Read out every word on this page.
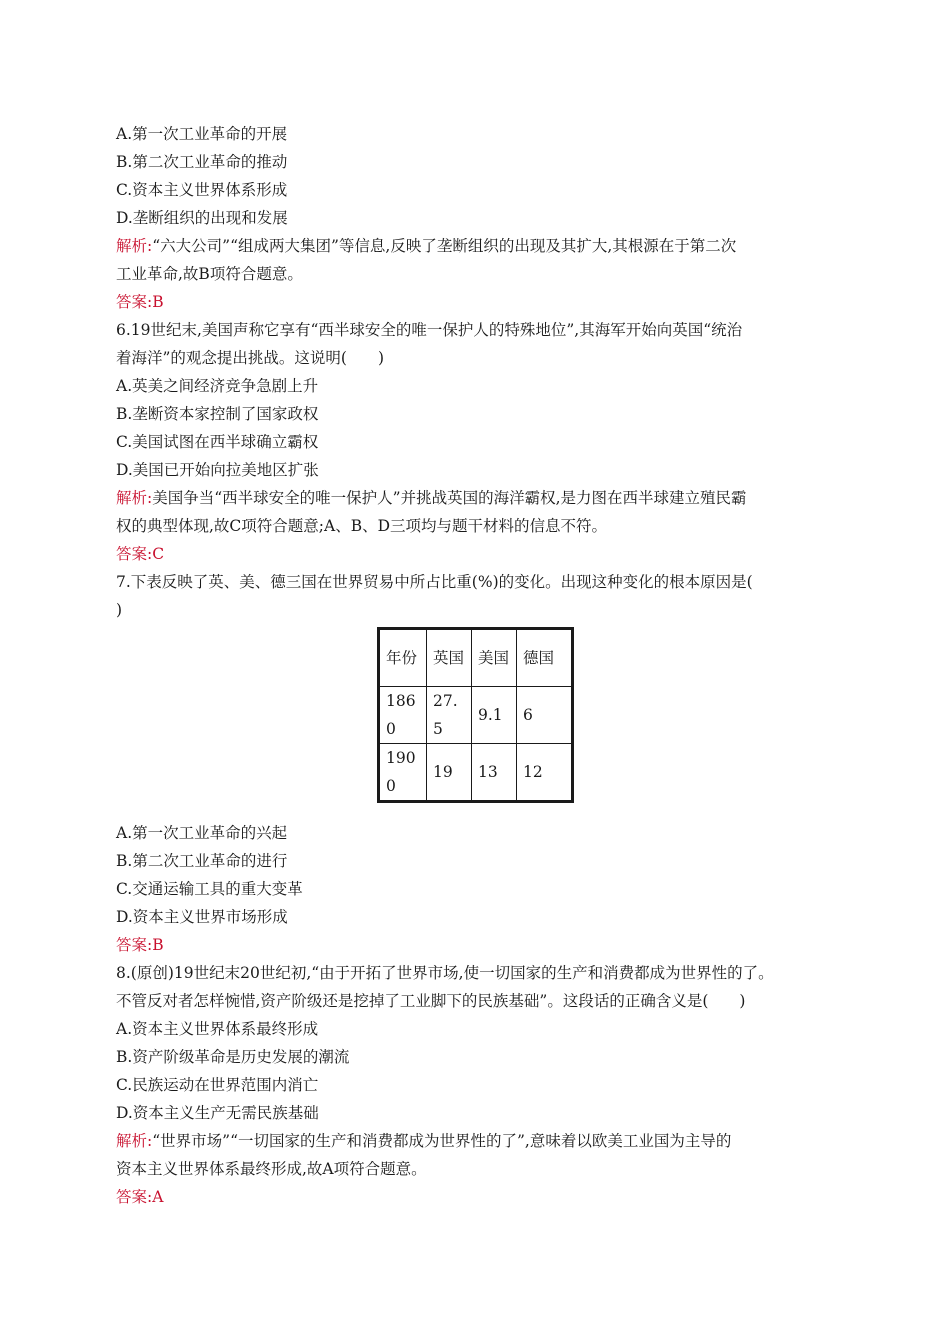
A.第一次工业革命的开展
B.第二次工业革命的推动
C.资本主义世界体系形成
D.垄断组织的出现和发展
解析:“六大公司”“组成两大集团”等信息,反映了垄断组织的出现及其扩大,其根源在于第二次
工业革命,故B项符合题意。
答案:B
6.19世纪末,美国声称它享有“西半球安全的唯一保护人的特殊地位”,其海军开始向英国“统治
着海洋”的观念提出挑战。这说明(　　)
A.英美之间经济竞争急剧上升
B.垄断资本家控制了国家政权
C.美国试图在西半球确立霸权
D.美国已开始向拉美地区扩张
解析:美国争当“西半球安全的唯一保护人”并挑战英国的海洋霸权,是力图在西半球建立殖民霸
权的典型体现,故C项符合题意;A、B、D三项均与题干材料的信息不符。
答案:C
7.下表反映了英、美、德三国在世界贸易中所占比重(%)的变化。出现这种变化的根本原因是(
)
年份	英国	美国	德国

1860	27.5	9.1	6

1900	19	13	12
A.第一次工业革命的兴起
B.第二次工业革命的进行
C.交通运输工具的重大变革
D.资本主义世界市场形成
答案:B
8.(原创)19世纪末20世纪初,“由于开拓了世界市场,使一切国家的生产和消费都成为世界性的了。
不管反对者怎样惋惜,资产阶级还是挖掉了工业脚下的民族基础”。这段话的正确含义是(　　)
A.资本主义世界体系最终形成
B.资产阶级革命是历史发展的潮流
C.民族运动在世界范围内消亡
D.资本主义生产无需民族基础
解析:“世界市场”“一切国家的生产和消费都成为世界性的了”,意味着以欧美工业国为主导的
资本主义世界体系最终形成,故A项符合题意。
答案:A
